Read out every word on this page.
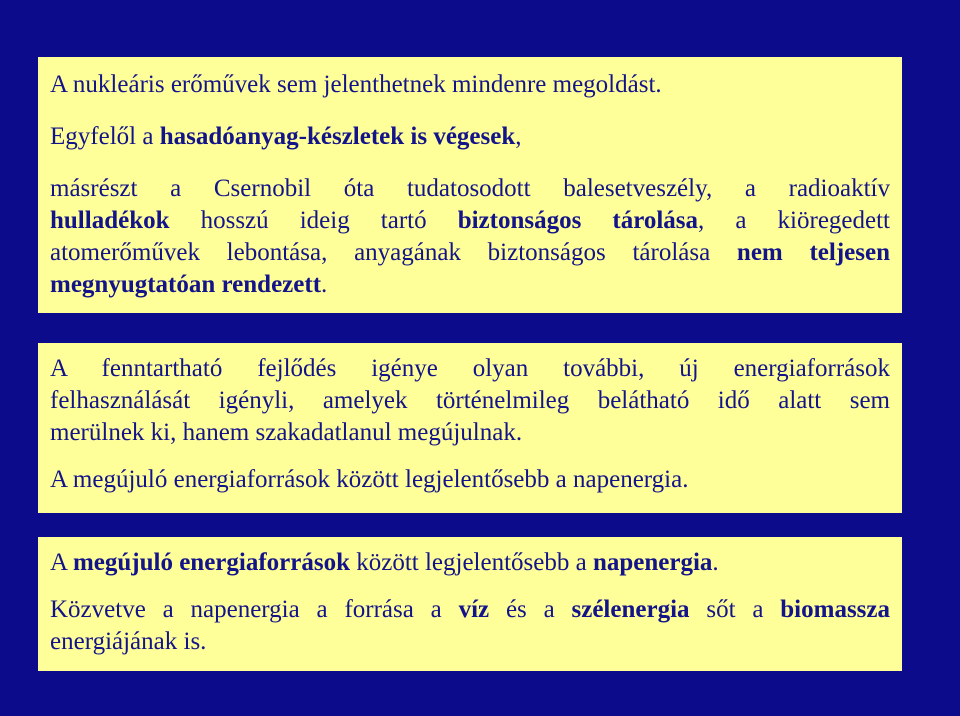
A nukleáris erőművek sem jelenthetnek mindenre megoldást.

Egyfelől a hasadóanyag-készletek is végesek,

másrészt a Csernobil óta tudatosodott balesetveszély, a radioaktív

hulladékok hosszú ideig tartó biztonságos tárolása, a kiöregedett

atomerőművek lebontása, anyagának biztonságos tárolása nem teljesen

megnyugtatóan rendezett.

A fenntartható fejlődés igénye olyan további, új energiaforrások

felhasználását igényli, amelyek történelmileg belátható idő alatt sem

merülnek ki, hanem szakadatlanul megújulnak.

A megújuló energiaforrások között legjelentősebb a napenergia.

A megújuló energiaforrások között legjelentősebb a napenergia.

Közvetve a napenergia a forrása a víz és a szélenergia sőt a biomassza

energiájának is.
